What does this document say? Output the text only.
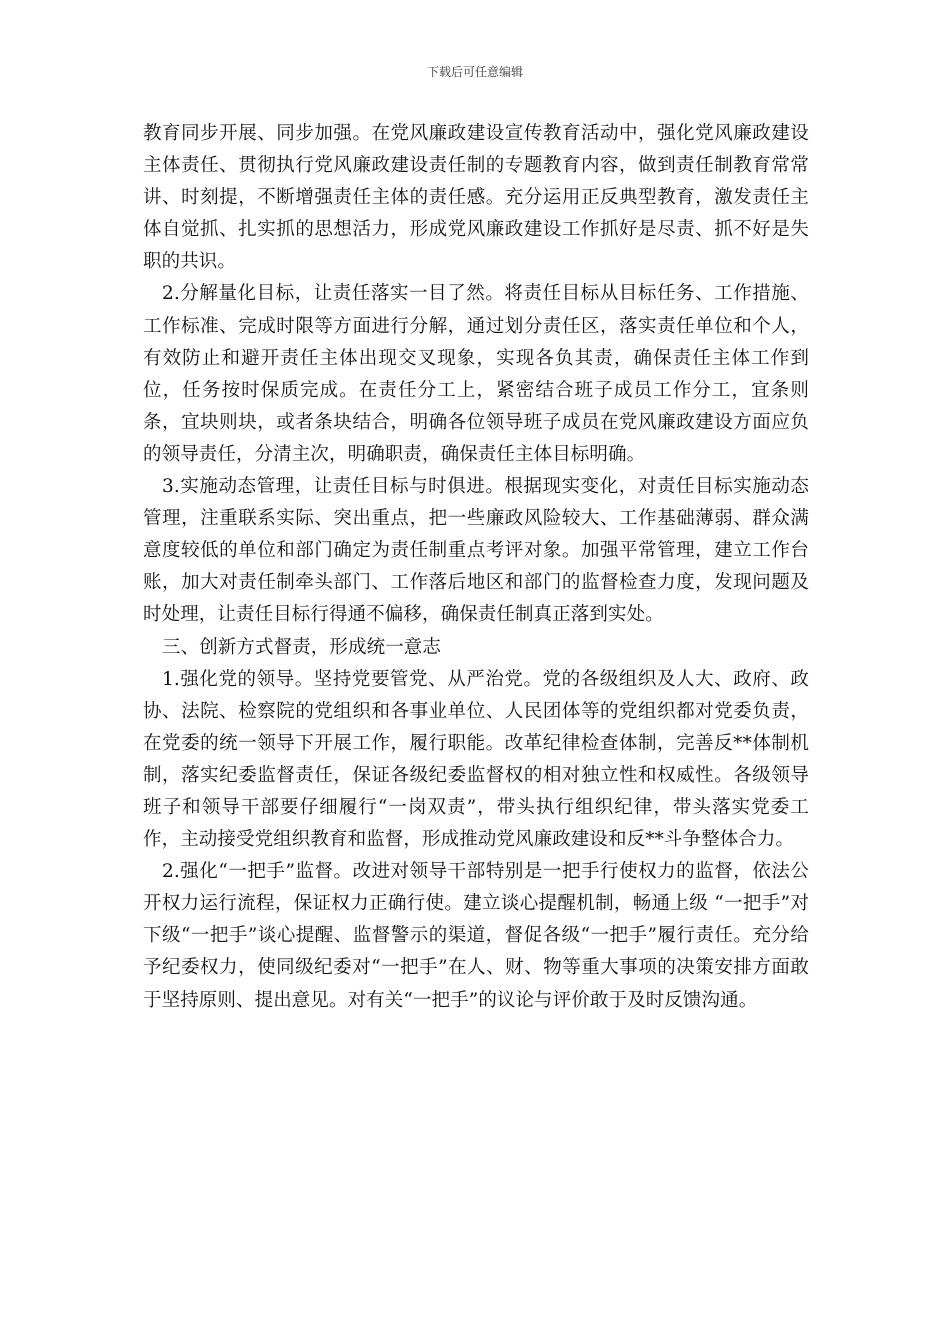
下载后可任意编辑

教育同步开展、同步加强。在党风廉政建设宣传教育活动中，强化党风廉政建设主体责任、贯彻执行党风廉政建设责任制的专题教育内容，做到责任制教育常常讲、时刻提，不断增强责任主体的责任感。充分运用正反典型教育，激发责任主体自觉抓、扎实抓的思想活力，形成党风廉政建设工作抓好是尽责、抓不好是失职的共识。

2.分解量化目标，让责任落实一目了然。将责任目标从目标任务、工作措施、工作标准、完成时限等方面进行分解，通过划分责任区，落实责任单位和个人，有效防止和避开责任主体出现交叉现象，实现各负其责，确保责任主体工作到位，任务按时保质完成。在责任分工上，紧密结合班子成员工作分工，宜条则条，宜块则块，或者条块结合，明确各位领导班子成员在党风廉政建设方面应负的领导责任，分清主次，明确职责，确保责任主体目标明确。

3.实施动态管理，让责任目标与时俱进。根据现实变化，对责任目标实施动态管理，注重联系实际、突出重点，把一些廉政风险较大、工作基础薄弱、群众满意度较低的单位和部门确定为责任制重点考评对象。加强平常管理，建立工作台账，加大对责任制牵头部门、工作落后地区和部门的监督检查力度，发现问题及时处理，让责任目标行得通不偏移，确保责任制真正落到实处。

三、创新方式督责，形成统一意志

1.强化党的领导。坚持党要管党、从严治党。党的各级组织及人大、政府、政协、法院、检察院的党组织和各事业单位、人民团体等的党组织都对党委负责，在党委的统一领导下开展工作，履行职能。改革纪律检查体制，完善反**体制机制，落实纪委监督责任，保证各级纪委监督权的相对独立性和权威性。各级领导班子和领导干部要仔细履行“一岗双责”，带头执行组织纪律，带头落实党委工作，主动接受党组织教育和监督，形成推动党风廉政建设和反**斗争整体合力。

2.强化“一把手”监督。改进对领导干部特别是一把手行使权力的监督，依法公开权力运行流程，保证权力正确行使。建立谈心提醒机制，畅通上级 “一把手”对下级“一把手”谈心提醒、监督警示的渠道，督促各级“一把手”履行责任。充分给予纪委权力，使同级纪委对“一把手”在人、财、物等重大事项的决策安排方面敢于坚持原则、提出意见。对有关“一把手”的议论与评价敢于及时反馈沟通。
